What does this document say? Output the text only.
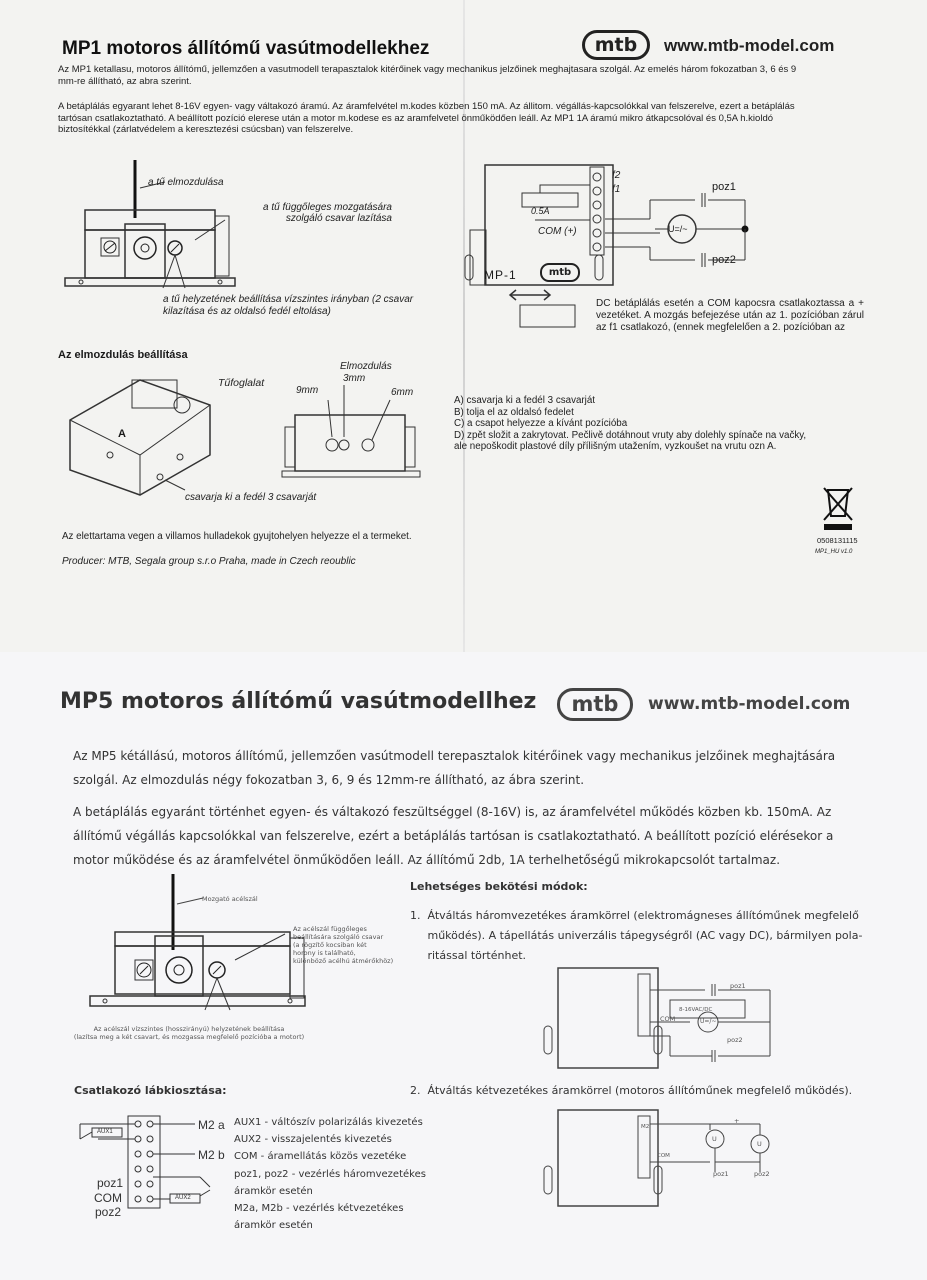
MP1 motoros állítómű vasútmodellekhez	mtb	www.mtb-model.com

Az MP1 ketallasu, motoros állítómű, jellemzően a vasutmodell terapasztalok kitérőinek vagy mechanikus jelzőinek meghajtasara szolgál. Az emelés három fokozatban 3, 6 és 9 mm-re állítható, az abra szerint.

A betáplálás egyarant lehet 8-16V egyen- vagy váltakozó áramú. Az áramfelvétel m.kodes közben 150 mA. Az állitom. végállás-kapcsolókkal van felszerelve, ezert a betáplálás tartósan csatlakoztatható. A beállított pozíció elerese után a motor m.kodese es az aramfelvetel önműködően leáll. Az MP1 1A áramú mikro átkapcsolóval és 0,5A h.kioldó biztosítékkal (zárlatvédelem a keresztezési csúcsban) van felszerelve.

a tű elmozdulása
a tű függőleges mozgatására szolgáló csavar lazítása
a tű helyzetének beállítása vízszintes irányban (2 csavar kilazítása és az oldalsó fedél eltolása)
f2
f1
0.5A
COM (+)
poz1
poz2
U=/~
MP-1	mtb

DC betáplálás esetén a COM kapocsra csatlakoztassa a + vezetéket. A mozgás befejezése után az 1. pozícióban zárul az f1 csatlakozó, (ennek megfelelően a 2. pozícióban az

Az elmozdulás beállítása
Tűfoglalat
A
csavarja ki a fedél 3 csavarját
Elmozdulás
3mm
9mm	6mm
A) csavarja ki a fedél 3 csavarját
B) tolja el az oldalsó fedelet
C) a csapot helyezze a kívánt pozícióba
D) zpět složit a zakrytovat. Pečlivě dotáhnout vruty aby dolehly spínače na vačky,
ale nepoškodit plastové díly přílišným utažením, vyzkoušet na vrutu ozn A.
0508131115
MP1_HU v1.0
Az elettartama vegen a villamos hulladekok gyujtohelyen helyezze el a termeket.
Producer: MTB, Segala group s.r.o Praha, made in Czech reoublic
MP5 motoros állítómű vasútmodellhez	mtb	www.mtb-model.com
Az MP5 kétállású, motoros állítómű, jellemzően vasútmodell terepasztalok kitérőinek vagy mechanikus jelzőinek meghajtására
szolgál. Az elmozdulás négy fokozatban 3, 6, 9 és 12mm-re állítható, az ábra szerint.
A betáplálás egyaránt történhet egyen- és váltakozó feszültséggel (8-16V) is, az áramfelvétel működés közben kb. 150mA. Az
állítómű végállás kapcsolókkal van felszerelve, ezért a betáplálás tartósan is csatlakoztatható. A beállított pozíció elérésekor a
motor működése és az áramfelvétel önműködően leáll. Az állítómű 2db, 1A terhelhetőségű mikrokapcsolót tartalmaz.
Mozgató acélszál
Az acélszál függőleges
beállítására szolgáló csavar
(a rögzítő kocsiban két
horony is található,
különböző acélhú átmérőkhöz)
Az acélszál vízszintes (hosszirányú) helyzetének beállítása
(lazítsa meg a két csavart, és mozgassa megfelelő pozícióba a motort)
Lehetséges bekötési módok:
1.  Átváltás háromvezetékes áramkörrel (elektromágneses állítóműnek megfelelő
működés). A tápellátás univerzális tápegységről (AC vagy DC), bármilyen pola-
ritással történhet.
poz1
8-16VAC/DC
COM	U=/~
poz2
2.  Átváltás kétvezetékes áramkörrel (motoros állítóműnek megfelelő működés).
M2
COM
U
U
+
poz1	poz2
Csatlakozó lábkiosztása:
AUX1
AUX2
M2 a
M2 b
poz1
COM
poz2
AUX1 - váltószív polarizálás kivezetés
AUX2 - visszajelentés kivezetés
COM - áramellátás közös vezetéke
poz1, poz2 - vezérlés háromvezetékes
áramkör esetén
M2a, M2b - vezérlés kétvezetékes
áramkör esetén
